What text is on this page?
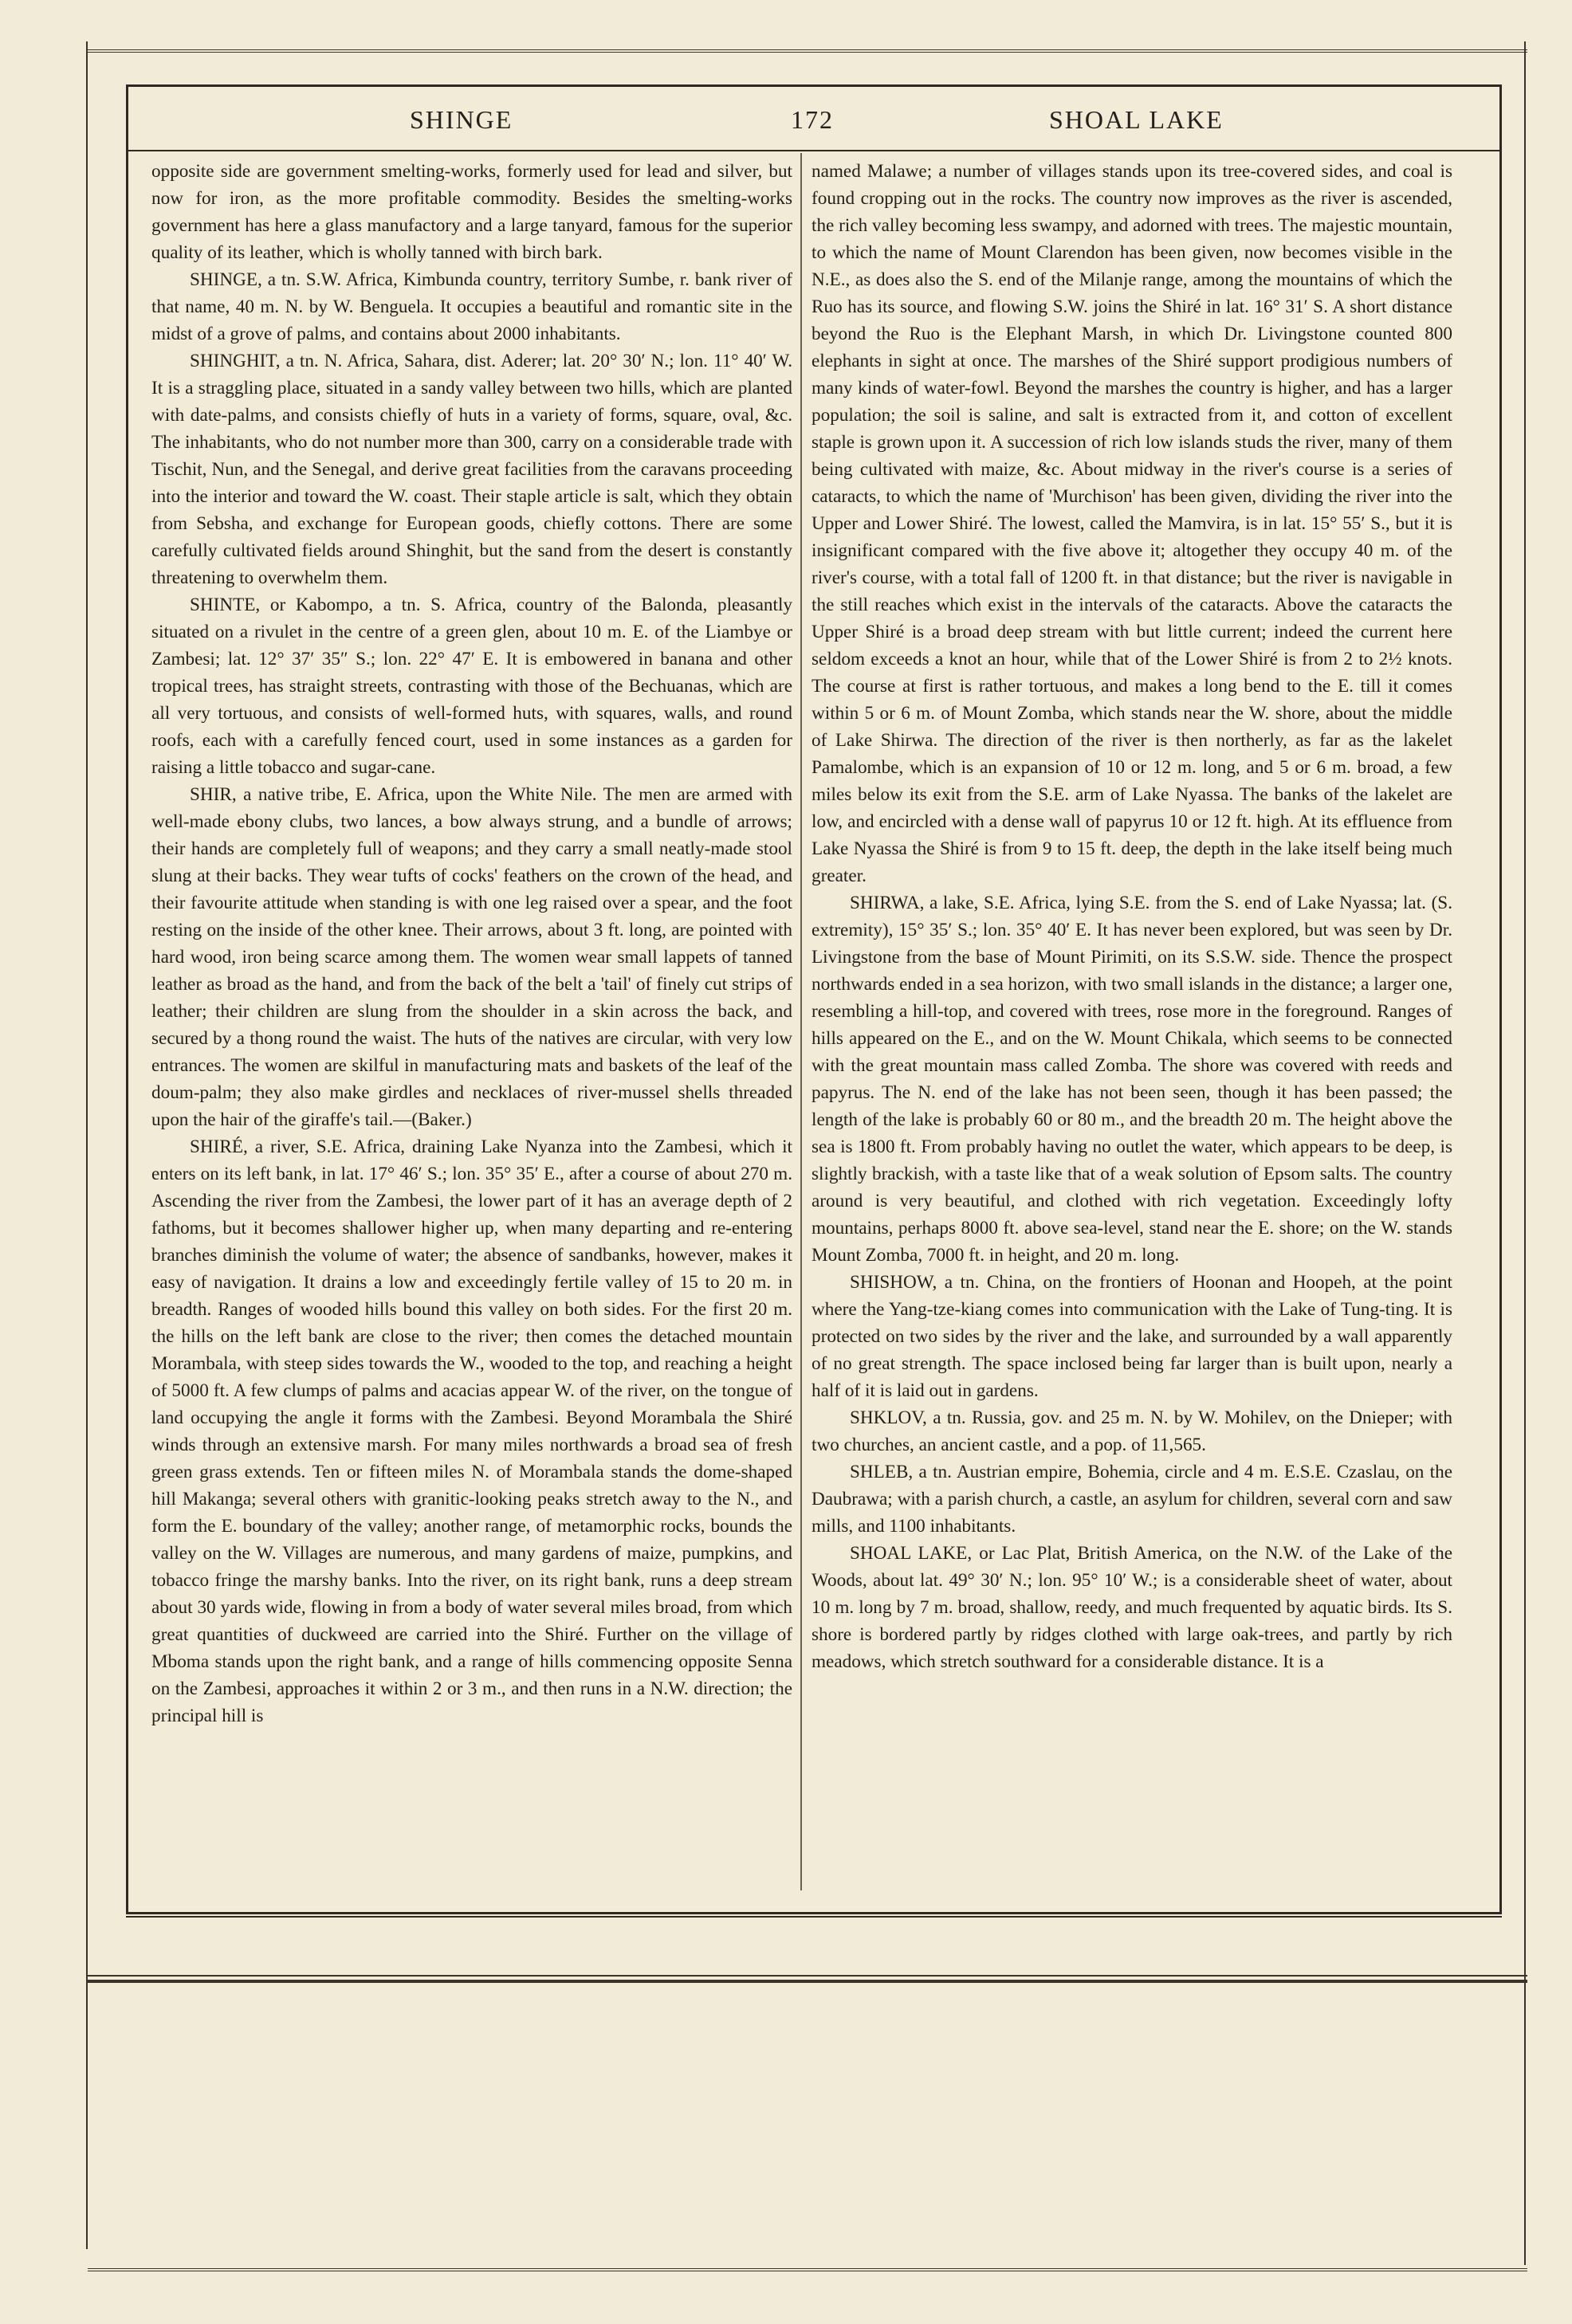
SHINGE	172	SHOAL LAKE

opposite side are government smelting-works, formerly used for lead and silver, but now for iron, as the more profitable commodity. Besides the smelting-works government has here a glass manufactory and a large tanyard, famous for the superior quality of its leather, which is wholly tanned with birch bark.

SHINGE, a tn. S.W. Africa, Kimbunda country, territory Sumbe, r. bank river of that name, 40 m. N. by W. Benguela. It occupies a beautiful and romantic site in the midst of a grove of palms, and contains about 2000 inhabitants.

SHINGHIT, a tn. N. Africa, Sahara, dist. Aderer; lat. 20° 30′ N.; lon. 11° 40′ W. It is a straggling place, situated in a sandy valley between two hills, which are planted with date-palms, and consists chiefly of huts in a variety of forms, square, oval, &c. The inhabitants, who do not number more than 300, carry on a considerable trade with Tischit, Nun, and the Senegal, and derive great facilities from the caravans proceeding into the interior and toward the W. coast. Their staple article is salt, which they obtain from Sebsha, and exchange for European goods, chiefly cottons. There are some carefully cultivated fields around Shinghit, but the sand from the desert is constantly threatening to overwhelm them.

SHINTE, or Kabompo, a tn. S. Africa, country of the Balonda, pleasantly situated on a rivulet in the centre of a green glen, about 10 m. E. of the Liambye or Zambesi; lat. 12° 37′ 35″ S.; lon. 22° 47′ E. It is embowered in banana and other tropical trees, has straight streets, contrasting with those of the Bechuanas, which are all very tortuous, and consists of well-formed huts, with squares, walls, and round roofs, each with a carefully fenced court, used in some instances as a garden for raising a little tobacco and sugar-cane.

SHIR, a native tribe, E. Africa, upon the White Nile. The men are armed with well-made ebony clubs, two lances, a bow always strung, and a bundle of arrows; their hands are completely full of weapons; and they carry a small neatly-made stool slung at their backs. They wear tufts of cocks' feathers on the crown of the head, and their favourite attitude when standing is with one leg raised over a spear, and the foot resting on the inside of the other knee. Their arrows, about 3 ft. long, are pointed with hard wood, iron being scarce among them. The women wear small lappets of tanned leather as broad as the hand, and from the back of the belt a 'tail' of finely cut strips of leather; their children are slung from the shoulder in a skin across the back, and secured by a thong round the waist. The huts of the natives are circular, with very low entrances. The women are skilful in manufacturing mats and baskets of the leaf of the doum-palm; they also make girdles and necklaces of river-mussel shells threaded upon the hair of the giraffe's tail.—(Baker.)

SHIRÉ, a river, S.E. Africa, draining Lake Nyanza into the Zambesi, which it enters on its left bank, in lat. 17° 46′ S.; lon. 35° 35′ E., after a course of about 270 m. Ascending the river from the Zambesi, the lower part of it has an average depth of 2 fathoms, but it becomes shallower higher up, when many departing and re-entering branches diminish the volume of water; the absence of sandbanks, however, makes it easy of navigation. It drains a low and exceedingly fertile valley of 15 to 20 m. in breadth. Ranges of wooded hills bound this valley on both sides. For the first 20 m. the hills on the left bank are close to the river; then comes the detached mountain Morambala, with steep sides towards the W., wooded to the top, and reaching a height of 5000 ft. A few clumps of palms and acacias appear W. of the river, on the tongue of land occupying the angle it forms with the Zambesi. Beyond Morambala the Shiré winds through an extensive marsh. For many miles northwards a broad sea of fresh green grass extends. Ten or fifteen miles N. of Morambala stands the dome-shaped hill Makanga; several others with granitic-looking peaks stretch away to the N., and form the E. boundary of the valley; another range, of metamorphic rocks, bounds the valley on the W. Villages are numerous, and many gardens of maize, pumpkins, and tobacco fringe the marshy banks. Into the river, on its right bank, runs a deep stream about 30 yards wide, flowing in from a body of water several miles broad, from which great quantities of duckweed are carried into the Shiré. Further on the village of Mboma stands upon the right bank, and a range of hills commencing opposite Senna on the Zambesi, approaches it within 2 or 3 m., and then runs in a N.W. direction; the principal hill is

named Malawe; a number of villages stands upon its tree-covered sides, and coal is found cropping out in the rocks. The country now improves as the river is ascended, the rich valley becoming less swampy, and adorned with trees. The majestic mountain, to which the name of Mount Clarendon has been given, now becomes visible in the N.E., as does also the S. end of the Milanje range, among the mountains of which the Ruo has its source, and flowing S.W. joins the Shiré in lat. 16° 31′ S. A short distance beyond the Ruo is the Elephant Marsh, in which Dr. Livingstone counted 800 elephants in sight at once. The marshes of the Shiré support prodigious numbers of many kinds of water-fowl. Beyond the marshes the country is higher, and has a larger population; the soil is saline, and salt is extracted from it, and cotton of excellent staple is grown upon it. A succession of rich low islands studs the river, many of them being cultivated with maize, &c. About midway in the river's course is a series of cataracts, to which the name of 'Murchison' has been given, dividing the river into the Upper and Lower Shiré. The lowest, called the Mamvira, is in lat. 15° 55′ S., but it is insignificant compared with the five above it; altogether they occupy 40 m. of the river's course, with a total fall of 1200 ft. in that distance; but the river is navigable in the still reaches which exist in the intervals of the cataracts. Above the cataracts the Upper Shiré is a broad deep stream with but little current; indeed the current here seldom exceeds a knot an hour, while that of the Lower Shiré is from 2 to 2½ knots. The course at first is rather tortuous, and makes a long bend to the E. till it comes within 5 or 6 m. of Mount Zomba, which stands near the W. shore, about the middle of Lake Shirwa. The direction of the river is then northerly, as far as the lakelet Pamalombe, which is an expansion of 10 or 12 m. long, and 5 or 6 m. broad, a few miles below its exit from the S.E. arm of Lake Nyassa. The banks of the lakelet are low, and encircled with a dense wall of papyrus 10 or 12 ft. high. At its effluence from Lake Nyassa the Shiré is from 9 to 15 ft. deep, the depth in the lake itself being much greater.

SHIRWA, a lake, S.E. Africa, lying S.E. from the S. end of Lake Nyassa; lat. (S. extremity), 15° 35′ S.; lon. 35° 40′ E. It has never been explored, but was seen by Dr. Livingstone from the base of Mount Pirimiti, on its S.S.W. side. Thence the prospect northwards ended in a sea horizon, with two small islands in the distance; a larger one, resembling a hill-top, and covered with trees, rose more in the foreground. Ranges of hills appeared on the E., and on the W. Mount Chikala, which seems to be connected with the great mountain mass called Zomba. The shore was covered with reeds and papyrus. The N. end of the lake has not been seen, though it has been passed; the length of the lake is probably 60 or 80 m., and the breadth 20 m. The height above the sea is 1800 ft. From probably having no outlet the water, which appears to be deep, is slightly brackish, with a taste like that of a weak solution of Epsom salts. The country around is very beautiful, and clothed with rich vegetation. Exceedingly lofty mountains, perhaps 8000 ft. above sea-level, stand near the E. shore; on the W. stands Mount Zomba, 7000 ft. in height, and 20 m. long.

SHISHOW, a tn. China, on the frontiers of Hoonan and Hoopeh, at the point where the Yang-tze-kiang comes into communication with the Lake of Tung-ting. It is protected on two sides by the river and the lake, and surrounded by a wall apparently of no great strength. The space inclosed being far larger than is built upon, nearly a half of it is laid out in gardens.

SHKLOV, a tn. Russia, gov. and 25 m. N. by W. Mohilev, on the Dnieper; with two churches, an ancient castle, and a pop. of 11,565.

SHLEB, a tn. Austrian empire, Bohemia, circle and 4 m. E.S.E. Czaslau, on the Daubrawa; with a parish church, a castle, an asylum for children, several corn and saw mills, and 1100 inhabitants.

SHOAL LAKE, or Lac Plat, British America, on the N.W. of the Lake of the Woods, about lat. 49° 30′ N.; lon. 95° 10′ W.; is a considerable sheet of water, about 10 m. long by 7 m. broad, shallow, reedy, and much frequented by aquatic birds. Its S. shore is bordered partly by ridges clothed with large oak-trees, and partly by rich meadows, which stretch southward for a considerable distance. It is a
